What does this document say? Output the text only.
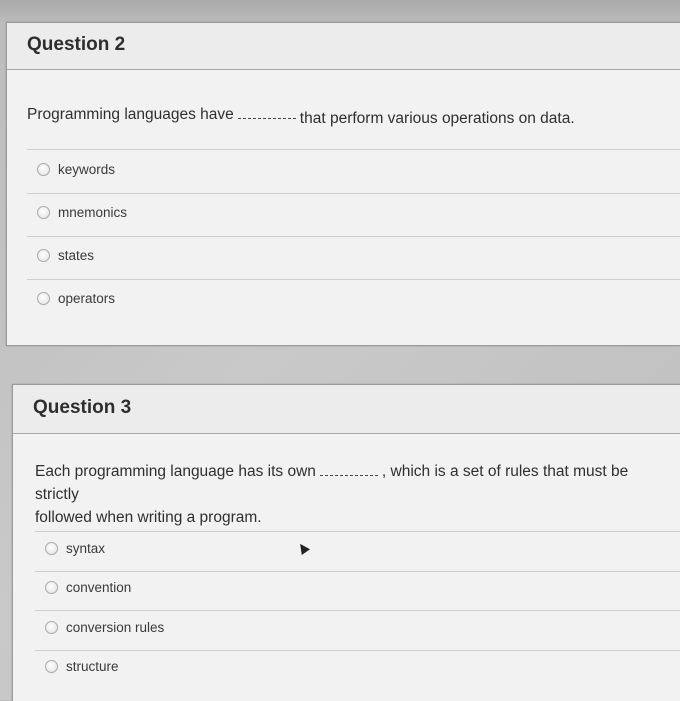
Question 2
Programming languages have	that perform various operations on data.
keywords
mnemonics
states
operators
Question 3
Each programming language has its own	, which is a set of rules that must be strictly
followed when writing a program.
syntax
convention
conversion rules
structure
